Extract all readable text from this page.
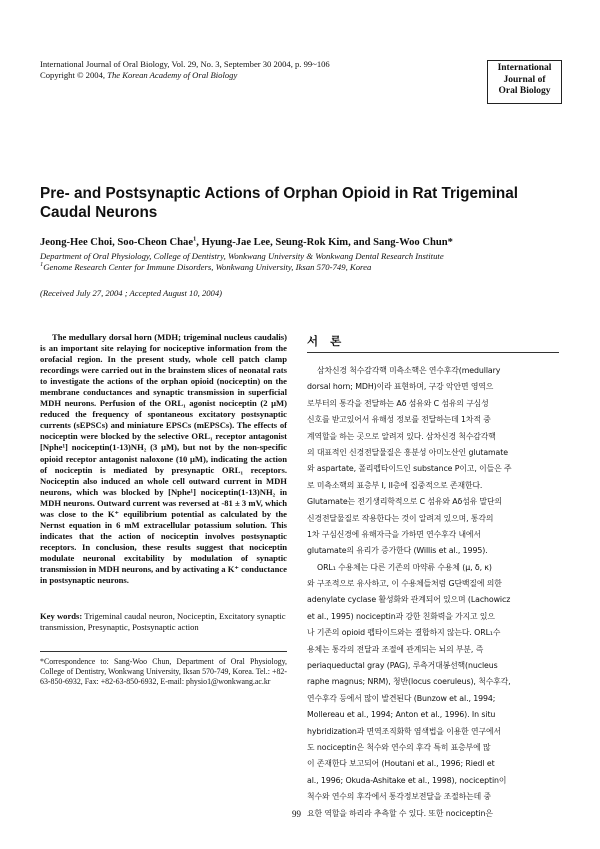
International Journal of Oral Biology, Vol. 29, No. 3, September 30 2004, p. 99~106
Copyright © 2004, The Korean Academy of Oral Biology
International
Journal of
Oral Biology
Pre- and Postsynaptic Actions of Orphan Opioid in Rat Trigeminal Caudal Neurons
Jeong-Hee Choi, Soo-Cheon Chae$^1$, Hyung-Jae Lee, Seung-Rok Kim, and Sang-Woo Chun*
Department of Oral Physiology, College of Dentistry, Wonkwang University & Wonkwang Dental Research Institute
$^1$Genome Research Center for Immune Disorders, Wonkwang University, Iksan 570-749, Korea
(Received July 27, 2004 ; Accepted August 10, 2004)
The medullary dorsal horn (MDH; trigeminal nucleus caudalis) is an important site relaying for nociceptive information from the orofacial region. In the present study, whole cell patch clamp recordings were carried out in the brainstem slices of neonatal rats to investigate the actions of the orphan opioid (nociceptin) on the membrane conductances and synaptic transmission in superficial MDH neurons. Perfusion of the ORL₁ agonist nociceptin (2 μM) reduced the frequency of spontaneous excitatory postsynaptic currents (sEPSCs) and miniature EPSCs (mEPSCs). The effects of nociceptin were blocked by the selective ORL₁ receptor antagonist [Nphe¹] nociceptin(1-13)NH₂ (3 μM), but not by the non-specific opioid receptor antagonist naloxone (10 μM), indicating the action of nociceptin is mediated by presynaptic ORL₁ receptors. Nociceptin also induced an whole cell outward current in MDH neurons, which was blocked by [Nphe¹] nociceptin(1-13)NH₂ in MDH neurons. Outward current was reversed at -81 ± 3 mV, which was close to the K⁺ equilibrium potential as calculated by the Nernst equation in 6 mM extracellular potassium solution. This indicates that the action of nociceptin involves postsynaptic receptors. In conclusion, these results suggest that nociceptin modulate neuronal excitability by modulation of synaptic transmission in MDH neurons, and by activating a K⁺ conductance in postsynaptic neurons.
Key words: Trigeminal caudal neuron, Nociceptin, Excitatory synaptic transmission, Presynaptic, Postsynaptic action
*Correspondence to: Sang-Woo Chun, Department of Oral Physiology, College of Dentistry, Wonkwang University, Iksan 570-749, Korea. Tel.: +82-63-850-6932, Fax: +82-63-850-6932, E-mail: physio1@wonkwang.ac.kr
서 론
삼차신경 척수감각핵 미측소핵은 연수후각(medullary
dorsal horn; MDH)이라 표현하며, 구강 악안면 영역으
로부터의 통각을 전달하는 Aδ 섬유와 C 섬유의 구심성
신호를 받고있어서 유해성 정보를 전달하는데 1차적 중
계역할을 하는 곳으로 알려져 있다. 삼차신경 척수감각핵
의 대표적인 신경전달물질은 흥분성 아미노산인 glutamate
와 aspartate, 폴리펩타이드인 substance P이고, 이들은 주
로 미측소핵의 표층부 I, II층에 집중적으로 존재한다.
Glutamate는 전기생리학적으로 C 섬유와 Aδ섬유 말단의
신경전달물질로 작용한다는 것이 알려져 있으며, 통각의
1차 구심신경에 유해자극을 가하면 연수후각 내에서
glutamate의 유리가 증가한다 (Willis et al., 1995).
ORL₁ 수용체는 다른 기존의 마약류 수용체 (μ, δ, κ)
와 구조적으로 유사하고, 이 수용체들처럼 G단백질에 의한
adenylate cyclase 활성화와 관계되어 있으며 (Lachowicz
et al., 1995) nociceptin과 강한 친화력을 가지고 있으
나 기존의 opioid 펩타이드와는 결합하지 않는다. ORL₁수
용체는 통각의 전달과 조절에 관계되는 뇌의 부분, 즉
periaqueductal gray (PAG), 루측거대봉선핵(nucleus
raphe magnus; NRM), 청반(locus coeruleus), 척수후각,
연수후각 등에서 많이 발견된다 (Bunzow et al., 1994;
Mollereau et al., 1994; Anton et al., 1996). In situ
hybridization과 면역조직화학 염색법을 이용한 연구에서
도 nociceptin은 척수와 연수의 후각 특히 표층부에 많
이 존재한다 보고되어 (Houtani et al., 1996; Riedl et
al., 1996; Okuda-Ashitake et al., 1998), nociceptin이
척수와 연수의 후각에서 통각정보전달을 조절하는데 중
요한 역할을 하리라 추측할 수 있다. 또한 nociceptin은
99
